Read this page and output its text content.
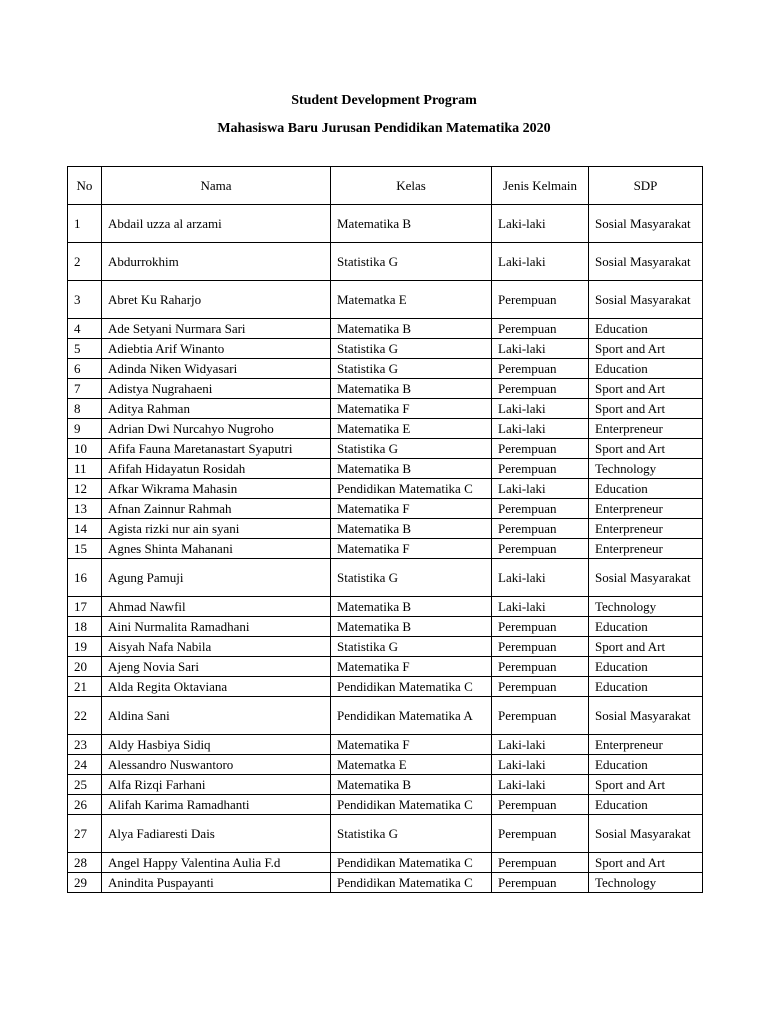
Student Development Program
Mahasiswa Baru Jurusan Pendidikan Matematika 2020
No	Nama	Kelas	Jenis Kelmain	SDP
1	Abdail uzza al arzami	Matematika B	Laki-laki	Sosial Masyarakat
2	Abdurrokhim	Statistika G	Laki-laki	Sosial Masyarakat
3	Abret Ku Raharjo	Matematka E	Perempuan	Sosial Masyarakat
4	Ade Setyani Nurmara Sari	Matematika B	Perempuan	Education
5	Adiebtia Arif Winanto	Statistika G	Laki-laki	Sport and Art
6	Adinda Niken Widyasari	Statistika G	Perempuan	Education
7	Adistya Nugrahaeni	Matematika B	Perempuan	Sport and Art
8	Aditya Rahman	Matematika F	Laki-laki	Sport and Art
9	Adrian Dwi Nurcahyo Nugroho	Matematika E	Laki-laki	Enterpreneur
10	Afifa Fauna Maretanastart Syaputri	Statistika G	Perempuan	Sport and Art
11	Afifah Hidayatun Rosidah	Matematika B	Perempuan	Technology
12	Afkar Wikrama Mahasin	Pendidikan Matematika C	Laki-laki	Education
13	Afnan Zainnur Rahmah	Matematika F	Perempuan	Enterpreneur
14	Agista rizki nur ain syani	Matematika B	Perempuan	Enterpreneur
15	Agnes Shinta Mahanani	Matematika F	Perempuan	Enterpreneur
16	Agung Pamuji	Statistika G	Laki-laki	Sosial Masyarakat
17	Ahmad Nawfil	Matematika B	Laki-laki	Technology
18	Aini Nurmalita Ramadhani	Matematika B	Perempuan	Education
19	Aisyah Nafa Nabila	Statistika G	Perempuan	Sport and Art
20	Ajeng Novia Sari	Matematika F	Perempuan	Education
21	Alda Regita Oktaviana	Pendidikan Matematika C	Perempuan	Education
22	Aldina Sani	Pendidikan Matematika A	Perempuan	Sosial Masyarakat
23	Aldy Hasbiya Sidiq	Matematika F	Laki-laki	Enterpreneur
24	Alessandro Nuswantoro	Matematka E	Laki-laki	Education
25	Alfa Rizqi Farhani	Matematika B	Laki-laki	Sport and Art
26	Alifah Karima Ramadhanti	Pendidikan Matematika C	Perempuan	Education
27	Alya Fadiaresti Dais	Statistika G	Perempuan	Sosial Masyarakat
28	Angel Happy Valentina Aulia F.d	Pendidikan Matematika C	Perempuan	Sport and Art
29	Anindita Puspayanti	Pendidikan Matematika C	Perempuan	Technology
